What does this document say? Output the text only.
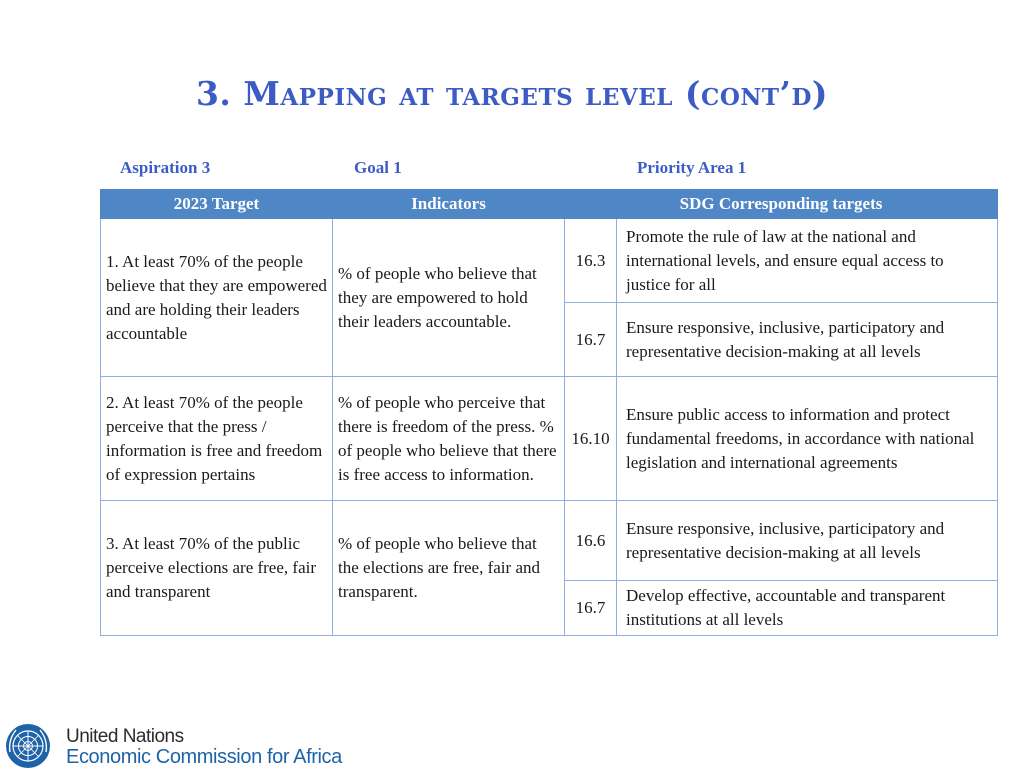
3. Mapping at targets level (cont’d)
Aspiration 3	Goal 1	Priority Area 1
2023 Target	Indicators	SDG Corresponding targets	
1. At least 70% of the people believe that they are empowered and are holding their leaders accountable	% of people who believe that they are empowered to hold their leaders accountable.	16.3	Promote the rule of law at the national and international levels, and ensure equal access to justice for all
		16.7	Ensure responsive, inclusive, participatory and representative decision-making at all levels
2. At least 70% of the people perceive that the press / information is free and freedom of expression pertains	% of people who perceive that there is freedom of the press. % of people who believe that there is free access to information.	16.10	Ensure public access to information and protect fundamental freedoms, in accordance with national legislation and international agreements
3. At least 70% of the public perceive elections are free, fair and transparent	% of people who believe that the elections are free, fair and transparent.	16.6	Ensure responsive, inclusive, participatory and representative decision-making at all levels
		16.7	Develop effective, accountable and transparent institutions at all levels
United Nations
Economic Commission for Africa
